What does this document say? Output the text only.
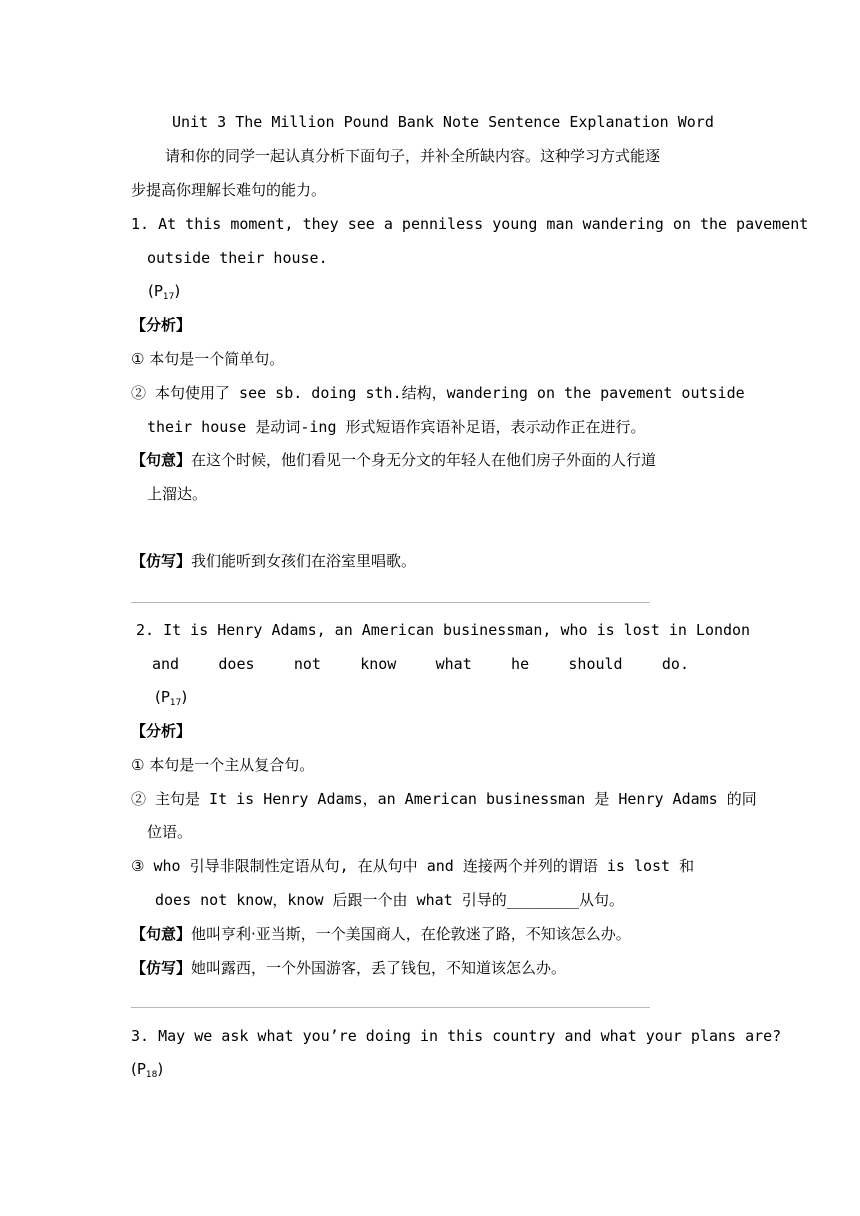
Unit 3 The Million Pound Bank Note Sentence Explanation Word
请和你的同学一起认真分析下面句子，并补全所缺内容。这种学习方式能逐
步提高你理解长难句的能力。
1. At this moment, they see a penniless young man wandering on the pavement
outside their house.
$(P_{17})$
【分析】
① 本句是一个简单句。
② 本句使用了 see sb. doing sth.结构，wandering on the pavement outside
their house 是动词-ing 形式短语作宾语补足语，表示动作正在进行。
【句意】在这个时候，他们看见一个身无分文的年轻人在他们房子外面的人行道
上溜达。
【仿写】我们能听到女孩们在浴室里唱歌。
2. It is Henry Adams, an American businessman, who is lost in London
and	does	not	know	what	he	should	do.
$(P_{17})$
【分析】
① 本句是一个主从复合句。
② 主句是 It is Henry Adams，an American businessman 是 Henry Adams 的同
位语。
③ who 引导非限制性定语从句, 在从句中 and 连接两个并列的谓语 is lost 和
does not know，know 后跟一个由 what 引导的________从句。
【句意】他叫亨利·亚当斯，一个美国商人，在伦敦迷了路，不知该怎么办。
【仿写】她叫露西，一个外国游客，丢了钱包，不知道该怎么办。
3. May we ask what you’re doing in this country and what your plans are?
$(P_{18})$
